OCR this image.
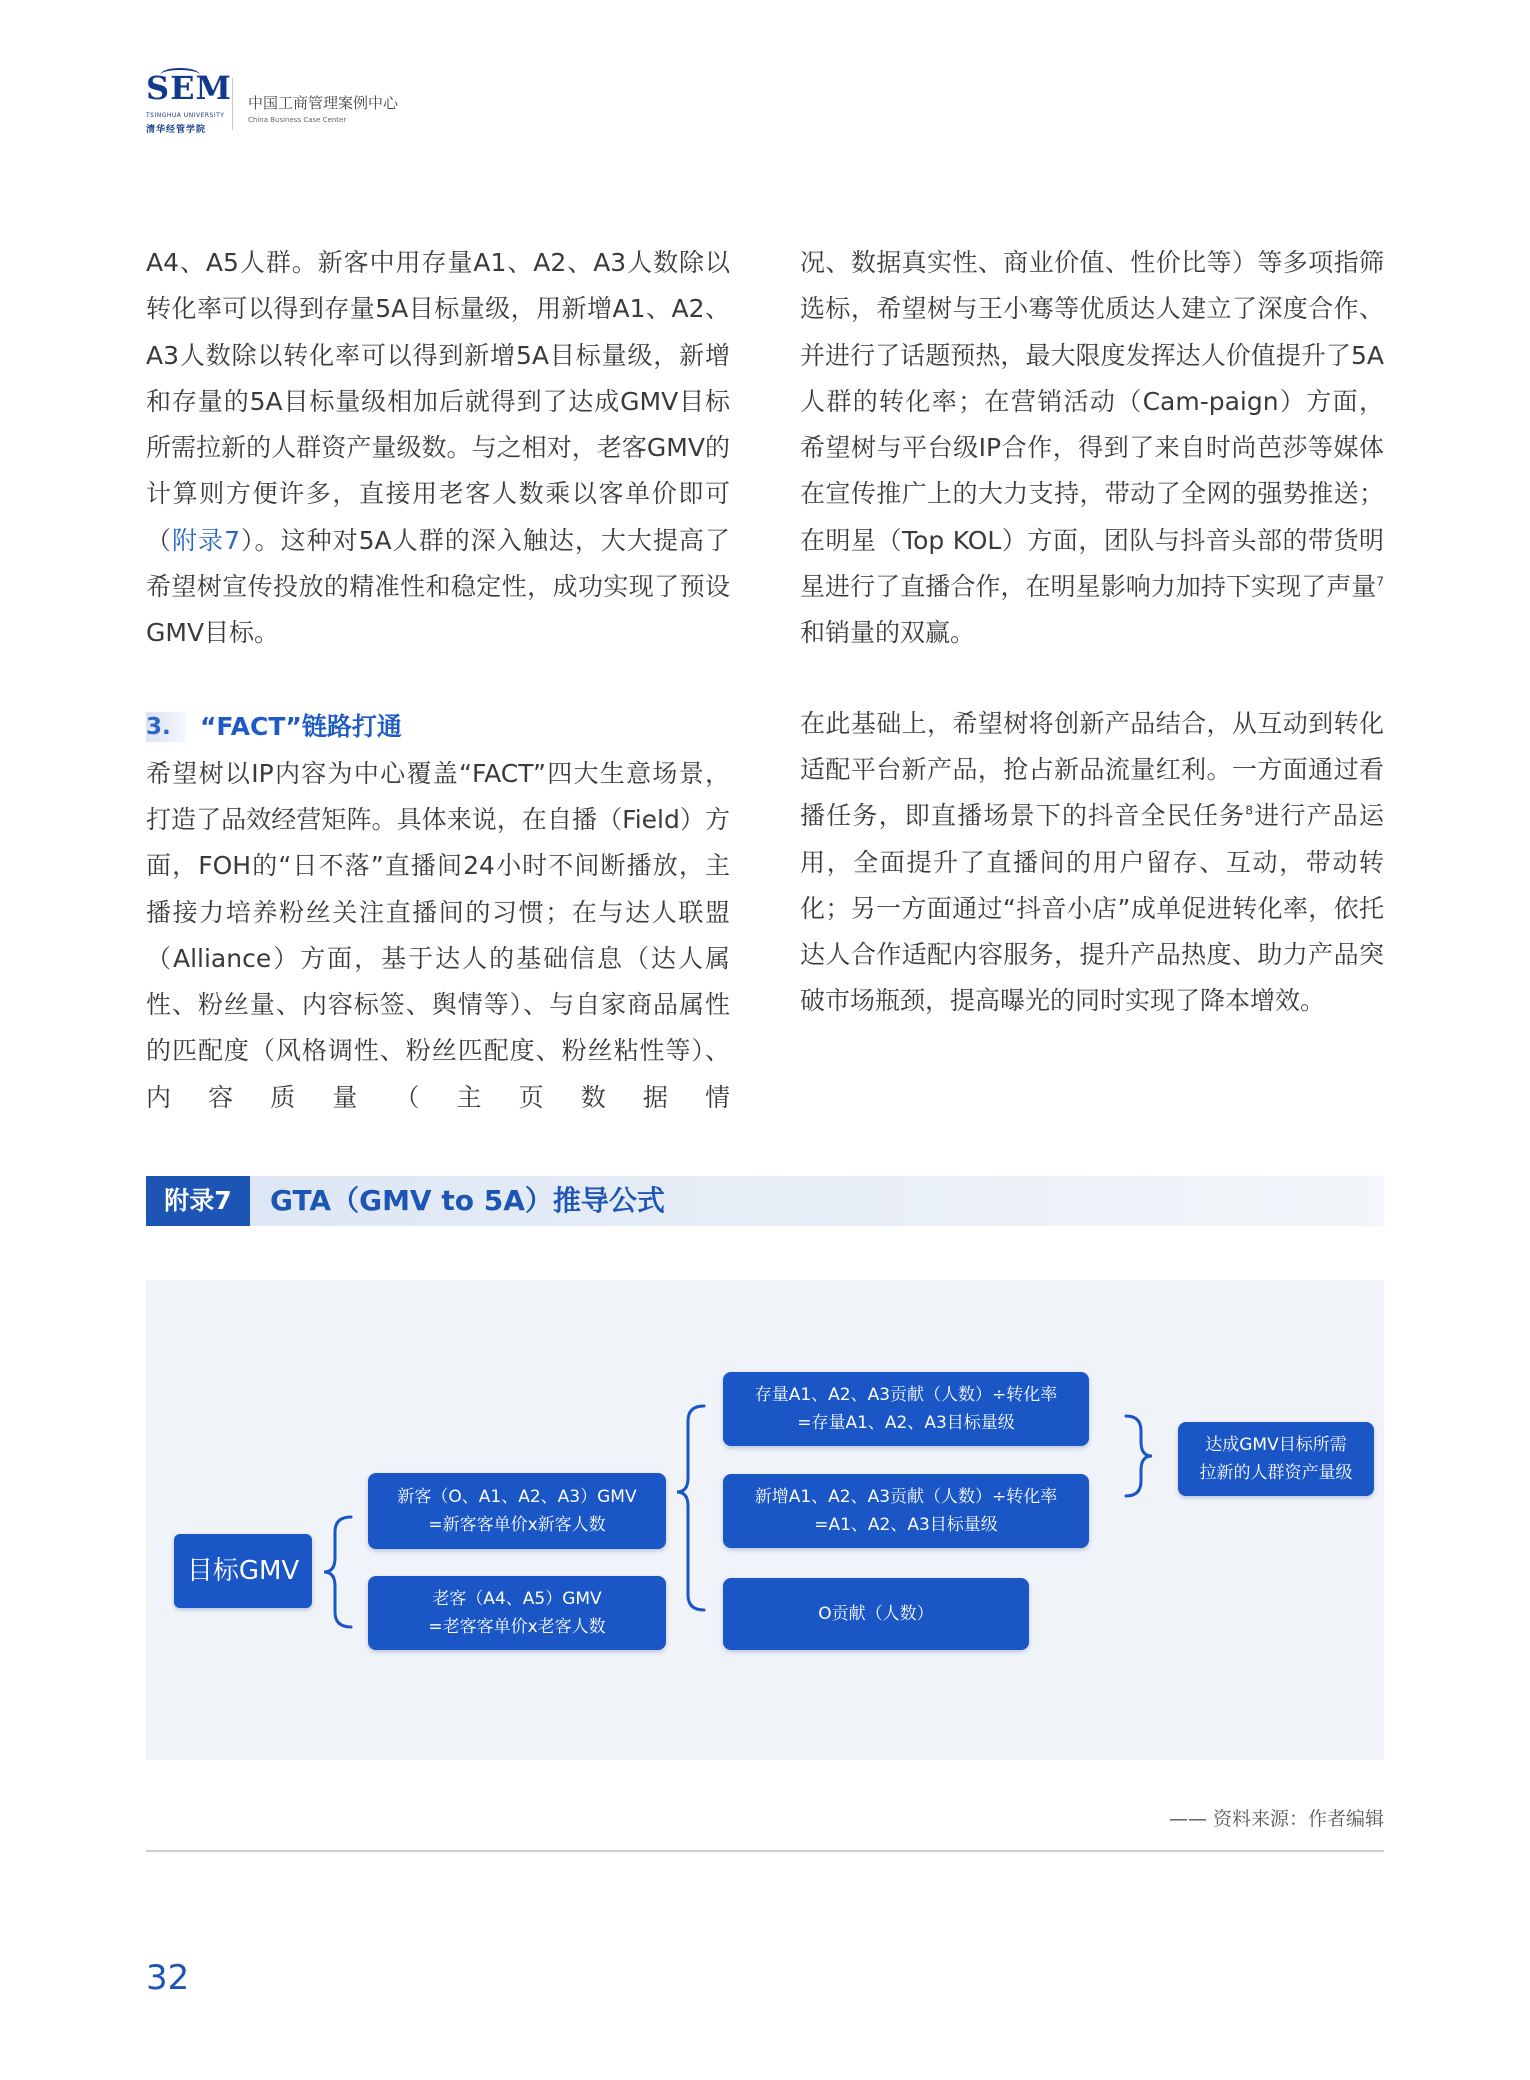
SEM
TSINGHUA UNIVERSITY
清华经管学院
中国工商管理案例中心
China Business Case Center

A4、A5人群。新客中用存量A1、A2、A3人数除以转化率可以得到存量5A目标量级，用新增A1、A2、A3人数除以转化率可以得到新增5A目标量级，新增和存量的5A目标量级相加后就得到了达成GMV目标所需拉新的人群资产量级数。与之相对，老客GMV的计算则方便许多，直接用老客人数乘以客单价即可（附录7）。这种对5A人群的深入触达，大大提高了希望树宣传投放的精准性和稳定性，成功实现了预设GMV目标。

3.	“FACT”链路打通

希望树以IP内容为中心覆盖“FACT”四大生意场景，打造了品效经营矩阵。具体来说，在自播（Field）方面，FOH的“日不落”直播间24小时不间断播放，主播接力培养粉丝关注直播间的习惯；在与达人联盟（Alliance）方面，基于达人的基础信息（达人属性、粉丝量、内容标签、舆情等）、与自家商品属性的匹配度（风格调性、粉丝匹配度、粉丝粘性等）、内容质量（主页数据情

况、数据真实性、商业价值、性价比等）等多项指筛选标，希望树与王小骞等优质达人建立了深度合作、并进行了话题预热，最大限度发挥达人价值提升了5A人群的转化率；在营销活动（Cam-paign）方面，希望树与平台级IP合作，得到了来自时尚芭莎等媒体在宣传推广上的大力支持，带动了全网的强势推送；在明星（Top KOL）方面，团队与抖音头部的带货明星进行了直播合作，在明星影响力加持下实现了声量$^7$和销量的双赢。

在此基础上，希望树将创新产品结合，从互动到转化适配平台新产品，抢占新品流量红利。一方面通过看播任务，即直播场景下的抖音全民任务$^8$进行产品运用，全面提升了直播间的用户留存、互动，带动转化；另一方面通过“抖音小店”成单促进转化率，依托达人合作适配内容服务，提升产品热度、助力产品突破市场瓶颈，提高曝光的同时实现了降本增效。

附录7	GTA（GMV to 5A）推导公式
目标GMV
新客（O、A1、A2、A3）GMV
=新客客单价x新客人数
老客（A4、A5）GMV
=老客客单价x老客人数
存量A1、A2、A3贡献（人数）÷转化率
=存量A1、A2、A3目标量级
新增A1、A2、A3贡献（人数）÷转化率
=A1、A2、A3目标量级
O贡献（人数）
达成GMV目标所需
拉新的人群资产量级
—— 资料来源：作者编辑
32
